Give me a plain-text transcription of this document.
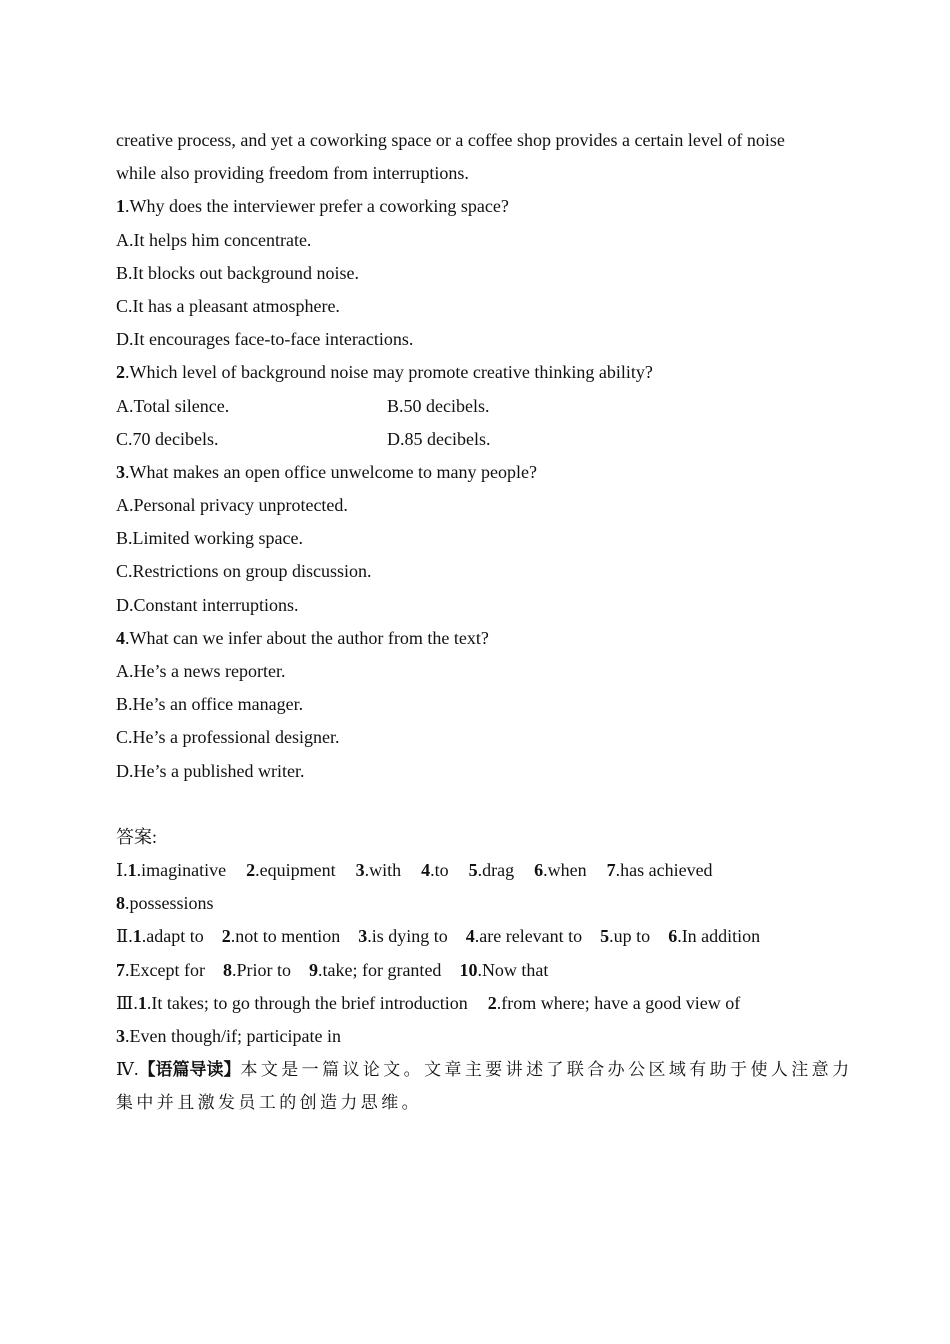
creative process, and yet a coworking space or a coffee shop provides a certain level of noise
while also providing freedom from interruptions.
1.Why does the interviewer prefer a coworking space?
A.It helps him concentrate.
B.It blocks out background noise.
C.It has a pleasant atmosphere.
D.It encourages face-to-face interactions.
2.Which level of background noise may promote creative thinking ability?
A.Total silence.	B.50 decibels.
C.70 decibels.	D.85 decibels.
3.What makes an open office unwelcome to many people?
A.Personal privacy unprotected.
B.Limited working space.
C.Restrictions on group discussion.
D.Constant interruptions.
4.What can we infer about the author from the text?
A.He’s a news reporter.
B.He’s an office manager.
C.He’s a professional designer.
D.He’s a published writer.
答案:
Ⅰ.1.imaginative 2.equipment 3.with 4.to 5.drag 6.when 7.has achieved
8.possessions
Ⅱ.1.adapt to 2.not to mention 3.is dying to 4.are relevant to 5.up to 6.In addition
7.Except for 8.Prior to 9.take; for granted 10.Now that
Ⅲ.1.It takes; to go through the brief introduction 2.from where; have a good view of
3.Even though/if; participate in
Ⅳ.【语篇导读】本文是一篇议论文。文章主要讲述了联合办公区域有助于使人注意力
集中并且激发员工的创造力思维。
